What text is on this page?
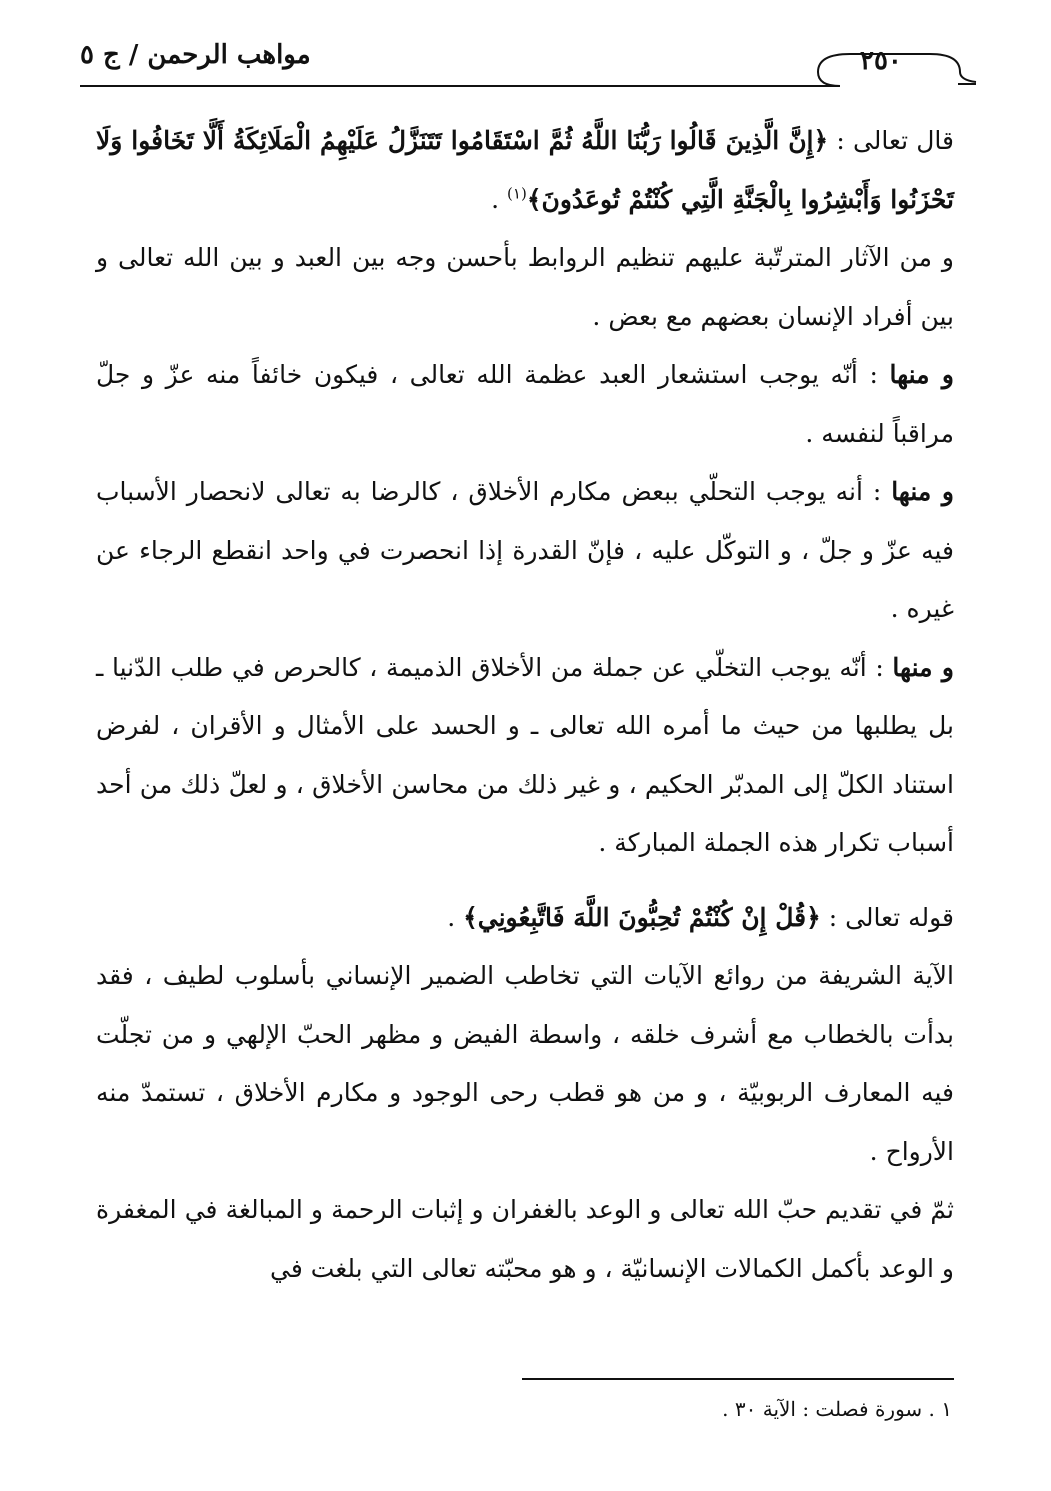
مواهب الرحمن / ج ٥	٢٥٠

قال تعالى : ﴿إِنَّ الَّذِينَ قَالُوا رَبُّنَا اللَّهُ ثُمَّ اسْتَقَامُوا تَتَنَزَّلُ عَلَيْهِمُ الْمَلَائِكَةُ أَلَّا تَخَافُوا وَلَا تَحْزَنُوا وَأَبْشِرُوا بِالْجَنَّةِ الَّتِي كُنْتُمْ تُوعَدُونَ﴾$^{(١)}$ .

و من الآثار المترتّبة عليهم تنظيم الروابط بأحسن وجه بين العبد و بين الله تعالى و بين أفراد الإنسان بعضهم مع بعض .

و منها : أنّه يوجب استشعار العبد عظمة الله تعالى ، فيكون خائفاً منه عزّ و جلّ مراقباً لنفسه .

و منها : أنه يوجب التحلّي ببعض مكارم الأخلاق ، كالرضا به تعالى لانحصار الأسباب فيه عزّ و جلّ ، و التوكّل عليه ، فإنّ القدرة إذا انحصرت في واحد انقطع الرجاء عن غيره .

و منها : أنّه يوجب التخلّي عن جملة من الأخلاق الذميمة ، كالحرص في طلب الدّنيا ـ بل يطلبها من حيث ما أمره الله تعالى ـ و الحسد على الأمثال و الأقران ، لفرض استناد الكلّ إلى المدبّر الحكيم ، و غير ذلك من محاسن الأخلاق ، و لعلّ ذلك من أحد أسباب تكرار هذه الجملة المباركة .

قوله تعالى : ﴿قُلْ إِنْ كُنْتُمْ تُحِبُّونَ اللَّهَ فَاتَّبِعُونِي﴾ .

الآية الشريفة من روائع الآيات التي تخاطب الضمير الإنساني بأسلوب لطيف ، فقد بدأت بالخطاب مع أشرف خلقه ، واسطة الفيض و مظهر الحبّ الإلهي و من تجلّت فيه المعارف الربوبيّة ، و من هو قطب رحى الوجود و مكارم الأخلاق ، تستمدّ منه الأرواح .

ثمّ في تقديم حبّ الله تعالى و الوعد بالغفران و إثبات الرحمة و المبالغة في المغفرة و الوعد بأكمل الكمالات الإنسانيّة ، و هو محبّته تعالى التي بلغت في

١ . سورة فصلت : الآية ٣٠ .
